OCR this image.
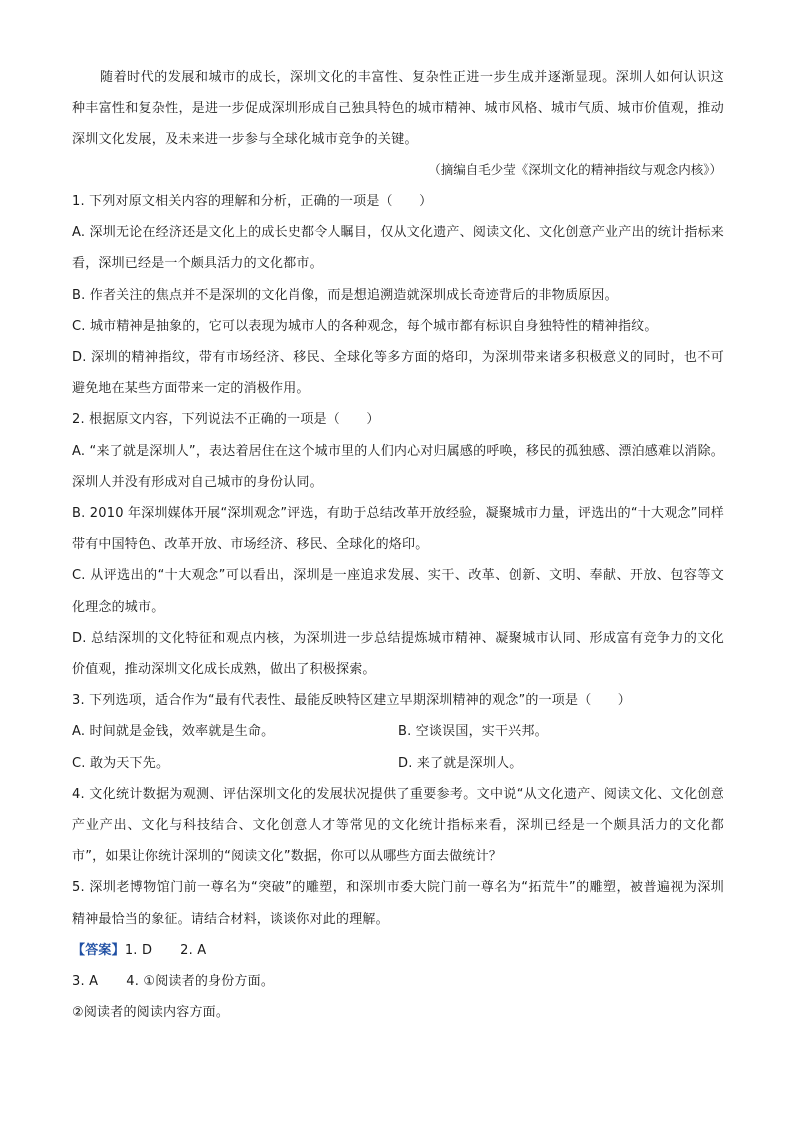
随着时代的发展和城市的成长，深圳文化的丰富性、复杂性正进一步生成并逐渐显现。深圳人如何认识这种丰富性和复杂性，是进一步促成深圳形成自己独具特色的城市精神、城市风格、城市气质、城市价值观，推动深圳文化发展，及未来进一步参与全球化城市竞争的关键。

（摘编自毛少莹《深圳文化的精神指纹与观念内核》）

1. 下列对原文相关内容的理解和分析，正确的一项是（　　）

A. 深圳无论在经济还是文化上的成长史都令人瞩目，仅从文化遗产、阅读文化、文化创意产业产出的统计指标来看，深圳已经是一个颇具活力的文化都市。

B. 作者关注的焦点并不是深圳的文化肖像，而是想追溯造就深圳成长奇迹背后的非物质原因。

C. 城市精神是抽象的，它可以表现为城市人的各种观念，每个城市都有标识自身独特性的精神指纹。

D. 深圳的精神指纹，带有市场经济、移民、全球化等多方面的烙印，为深圳带来诸多积极意义的同时，也不可避免地在某些方面带来一定的消极作用。

2. 根据原文内容，下列说法不正确的一项是（　　）

A. “来了就是深圳人”，表达着居住在这个城市里的人们内心对归属感的呼唤，移民的孤独感、漂泊感难以消除。深圳人并没有形成对自己城市的身份认同。

B. 2010 年深圳媒体开展“深圳观念”评选，有助于总结改革开放经验，凝聚城市力量，评选出的“十大观念”同样带有中国特色、改革开放、市场经济、移民、全球化的烙印。

C. 从评选出的“十大观念”可以看出，深圳是一座追求发展、实干、改革、创新、文明、奉献、开放、包容等文化理念的城市。

D. 总结深圳的文化特征和观点内核，为深圳进一步总结提炼城市精神、凝聚城市认同、形成富有竞争力的文化价值观，推动深圳文化成长成熟，做出了积极探索。

3. 下列选项，适合作为“最有代表性、最能反映特区建立早期深圳精神的观念”的一项是（　　）

A. 时间就是金钱，效率就是生命。	B. 空谈误国，实干兴邦。
C. 敢为天下先。	D. 来了就是深圳人。

4. 文化统计数据为观测、评估深圳文化的发展状况提供了重要参考。文中说“从文化遗产、阅读文化、文化创意产业产出、文化与科技结合、文化创意人才等常见的文化统计指标来看，深圳已经是一个颇具活力的文化都市”，如果让你统计深圳的“阅读文化”数据，你可以从哪些方面去做统计？

5. 深圳老博物馆门前一尊名为“突破”的雕塑，和深圳市委大院门前一尊名为“拓荒牛”的雕塑，被普遍视为深圳精神最恰当的象征。请结合材料，谈谈你对此的理解。

【答案】1. D 2. A

3. A 4. ①阅读者的身份方面。

②阅读者的阅读内容方面。
